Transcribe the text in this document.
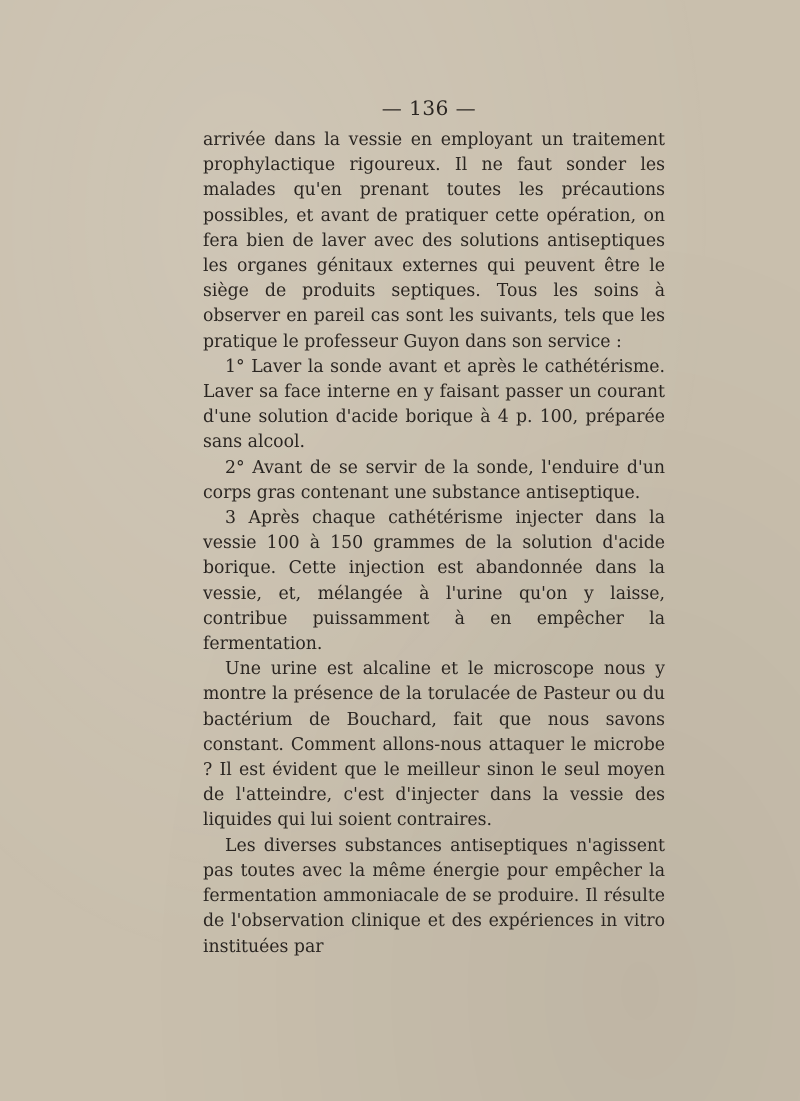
— 136 —

arrivée dans la vessie en employant un traitement prophylactique rigoureux. Il ne faut sonder les malades qu'en prenant toutes les précautions possibles, et avant de pratiquer cette opération, on fera bien de laver avec des solutions antiseptiques les organes génitaux externes qui peuvent être le siège de produits septiques. Tous les soins à observer en pareil cas sont les suivants, tels que les pratique le professeur Guyon dans son service :

1° Laver la sonde avant et après le cathétérisme. Laver sa face interne en y faisant passer un courant d'une solution d'acide borique à 4 p. 100, préparée sans alcool.

2° Avant de se servir de la sonde, l'enduire d'un corps gras contenant une substance antiseptique.

3 Après chaque cathétérisme injecter dans la vessie 100 à 150 grammes de la solution d'acide borique. Cette injection est abandonnée dans la vessie, et, mélangée à l'urine qu'on y laisse, contribue puissamment à en empêcher la fermentation.

Une urine est alcaline et le microscope nous y montre la présence de la torulacée de Pasteur ou du bactérium de Bouchard, fait que nous savons constant. Comment allons-nous attaquer le microbe ? Il est évident que le meilleur sinon le seul moyen de l'atteindre, c'est d'injecter dans la vessie des liquides qui lui soient contraires.

Les diverses substances antiseptiques n'agissent pas toutes avec la même énergie pour empêcher la fermentation ammoniacale de se produire. Il résulte de l'observation clinique et des expériences in vitro instituées par
